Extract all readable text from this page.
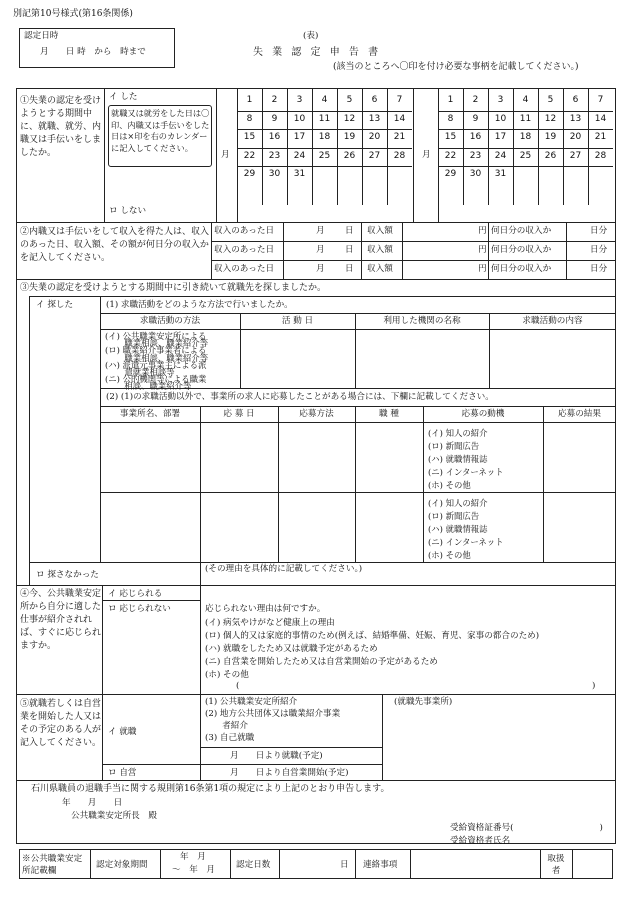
別記第10号様式(第16条関係)
認定日時
月　　日 時　から　時まで
(表)
失 業 認 定 申 告 書
(該当のところへ〇印を付け必要な事柄を記載してください。)
①失業の認定を受けようとする期間中に、就職、就労、内職又は手伝いをしましたか。
イ した
就職又は就労をした日は〇印、内職又は手伝いをした日は×印を右のカレンダーに記入してください。
ロ しない
月
1	2	3	4	5	6	7
8	9	10	11	12	13	14
15	16	17	18	19	20	21
22	23	24	25	26	27	28
29	30	31
月
1	2	3	4	5	6	7
8	9	10	11	12	13	14
15	16	17	18	19	20	21
22	23	24	25	26	27	28
29	30	31
②内職又は手伝いをして収入を得た人は、収入のあった日、収入額、その額が何日分の収入かを記入してください。
収入のあった日	月 日 収入額	円 何日分の収入か	日分
収入のあった日	月 日 収入額	円 何日分の収入か	日分
収入のあった日	月 日 収入額	円 何日分の収入か	日分
③失業の認定を受けようとする期間中に引き続いて就職先を探しましたか。
イ 探した	(1) 求職活動をどのような方法で行いましたか。
求職活動の方法	活 動 日	利用した機関の名称	求職活動の内容
(イ) 公共職業安定所による
　　 職業相談、職業紹介等
(ロ) 職業紹介事業者による
　　 職業相談、職業紹介等
(ハ) 派遣元事業主による派
　　 遣就業相談等
(ニ) 公的機関等による職業
　　 相談、職業紹介等
(2) (1)の求職活動以外で、事業所の求人に応募したことがある場合には、下欄に記載してください。
事業所名、部署	応 募 日	応募方法	職 種	応募の動機	応募の結果
(イ) 知人の紹介
(ロ) 新聞広告
(ハ) 就職情報誌
(ニ) インターネット
(ホ) その他
(イ) 知人の紹介
(ロ) 新聞広告
(ハ) 就職情報誌
(ニ) インターネット
(ホ) その他
ロ 探さなかった
(その理由を具体的に記載してください。)
④今、公共職業安定所から自分に適した仕事が紹介されれば、すぐに応じられますか。
イ 応じられる
ロ 応じられない	応じられない理由は何ですか。
(イ) 病気やけがなど健康上の理由
(ロ) 個人的又は家庭的事情のため(例えば、結婚準備、妊娠、育児、家事の都合のため)
(ハ) 就職をしたため又は就職予定があるため
(ニ) 自営業を開始したため又は自営業開始の予定があるため
(ホ) その他
(	)
⑤就職若しくは自営業を開始した人又はその予定のある人が記入してください。
イ 就職
ロ 自営
(1) 公共職業安定所紹介
(2) 地方公共団体又は職業紹介事業
　　者紹介
(3) 自己就職
月　　日より就職(予定)
月　　日より自営業開始(予定)
(就職先事業所)
石川県職員の退職手当に関する規則第16条第1項の規定により上記のとおり申告します。
年　　月　　日
公共職業安定所長　殿
受給資格証番号(　　　　　　　　　　)
受給資格者氏名
※公共職業安定所記載欄
認定対象期間
年　月
～　年　月 認定日数	日 連絡事項
取扱者
